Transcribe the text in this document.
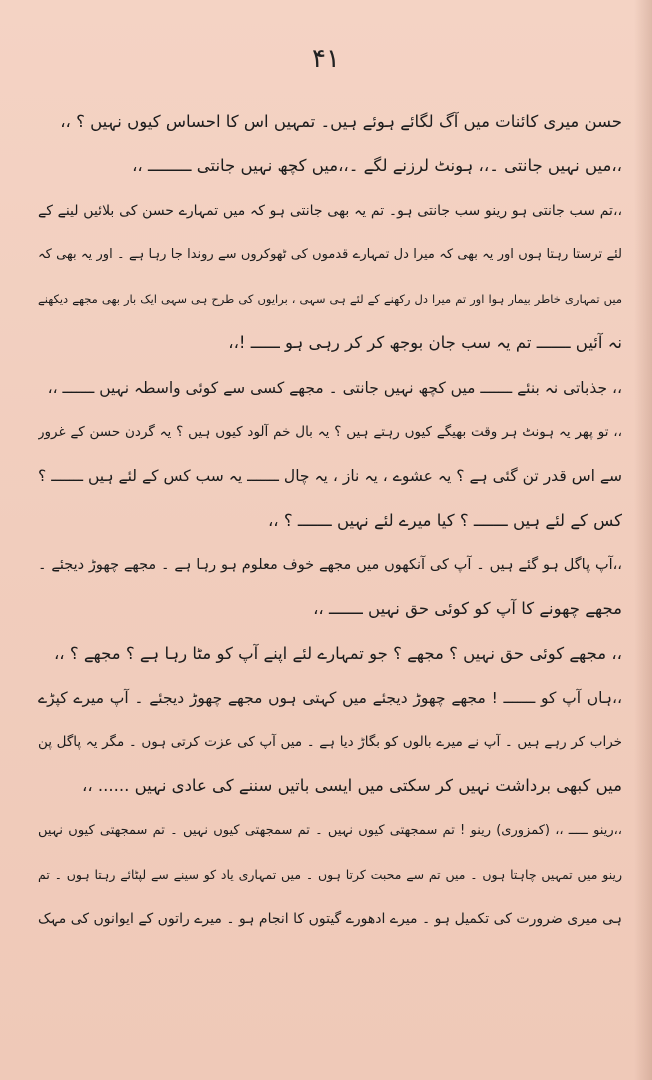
۴۱
حسن میری کائنات میں آگ لگائے ہوئے ہیں۔ تمہیں اس کا احساس کیوں نہیں ؟ ،،
،،میں نہیں جانتی ۔،، ہونٹ لرزنے لگے ۔،،میں کچھ نہیں جانتی ـــــــــ ،،
،،تم سب جانتی ہو رینو سب جانتی ہو۔ تم یہ بھی جانتی ہو کہ میں تمہارے حسن کی بلائیں لینے کے
لئے ترستا رہتا ہوں اور یہ بھی کہ میرا دل تمہارے قدموں کی ٹھوکروں سے روندا جا رہا ہے ۔ اور یہ بھی کہ
میں تمہاری خاطر بیمار ہوا اور تم میرا دل رکھنے کے لئے ہی سہی ، برایوں کی طرح ہی سہی ایک بار بھی مجھے دیکھنے
نہ آئیں ـــــــ تم یہ سب جان بوجھ کر کر رہی ہو ــــــ !،،
،، جذباتی نہ بنئے ـــــــ میں کچھ نہیں جانتی ۔ مجھے کسی سے کوئی واسطہ نہیں ـــــــ ،،
،، تو پھر یہ ہونٹ ہر وقت بھیگے کیوں رہتے ہیں ؟ یہ بال خم آلود کیوں ہیں ؟ یہ گردن حسن کے غرور
سے اس قدر تن گئی ہے ؟ یہ عشوے ، یہ ناز ، یہ چال ـــــــ یہ سب کس کے لئے ہیں ـــــــ ؟
کس کے لئے ہیں ـــــــ ؟ کیا میرے لئے نہیں ـــــــ ؟ ،،
،،آپ پاگل ہو گئے ہیں ۔ آپ کی آنکھوں میں مجھے خوف معلوم ہو رہا ہے ۔ مجھے چھوڑ دیجئے ۔
مجھے چھونے کا آپ کو کوئی حق نہیں ـــــــ ،،
،، مجھے کوئی حق نہیں ؟ مجھے ؟ جو تمہارے لئے اپنے آپ کو مٹا رہا ہے ؟ مجھے ؟ ،،
،،ہاں آپ کو ـــــــ ! مجھے چھوڑ دیجئے میں کہتی ہوں مجھے چھوڑ دیجئے ۔ آپ میرے کپڑے
خراب کر رہے ہیں ۔ آپ نے میرے بالوں کو بگاڑ دیا ہے ۔ میں آپ کی عزت کرتی ہوں ۔ مگر یہ پاگل پن
میں کبھی برداشت نہیں کر سکتی میں ایسی باتیں سننے کی عادی نہیں ...... ،،
،،رینو ـــــ ،، (کمزوری) رینو ! تم سمجھتی کیوں نہیں ۔ تم سمجھتی کیوں نہیں ۔ تم سمجھتی کیوں نہیں
رینو میں تمہیں چاہتا ہوں ۔ میں تم سے محبت کرتا ہوں ۔ میں تمہاری یاد کو سینے سے لپٹائے رہتا ہوں ۔ تم
ہی میری ضرورت کی تکمیل ہو ۔ میرے ادھورے گیتوں کا انجام ہو ۔ میرے راتوں کے ایوانوں کی مہک
